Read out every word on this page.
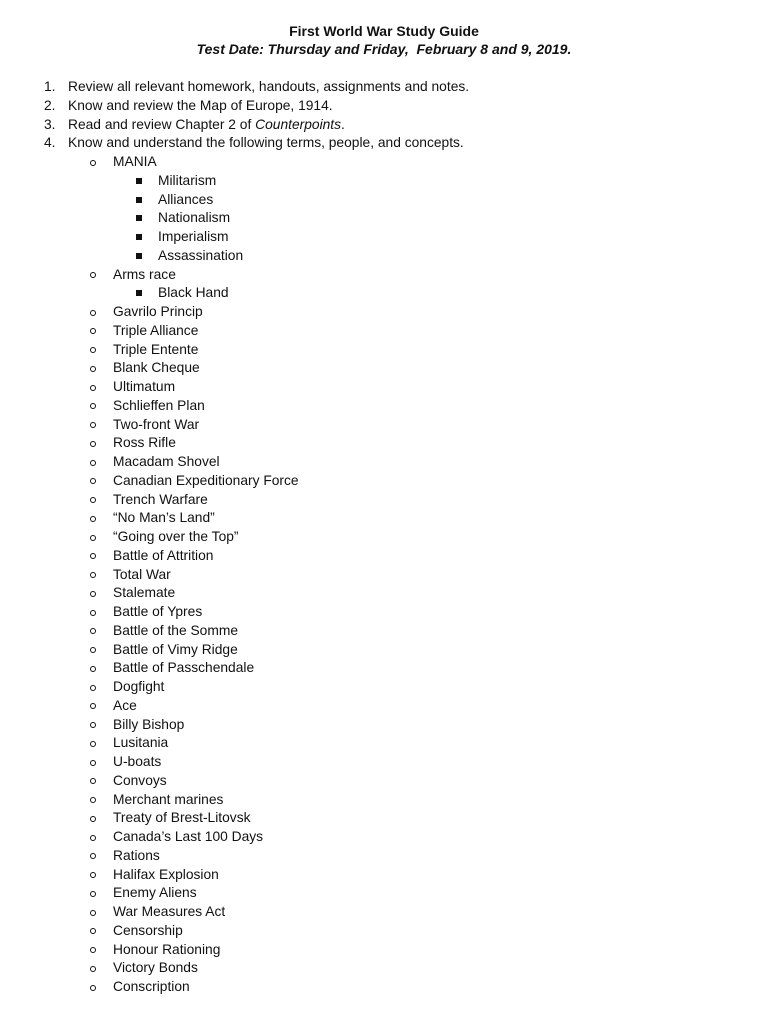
First World War Study Guide
Test Date: Thursday and Friday,  February 8 and 9, 2019.
1. Review all relevant homework, handouts, assignments and notes.
2. Know and review the Map of Europe, 1914.
3. Read and review Chapter 2 of Counterpoints.
4. Know and understand the following terms, people, and concepts.
MANIA
Militarism
Alliances
Nationalism
Imperialism
Assassination
Arms race
Black Hand
Gavrilo Princip
Triple Alliance
Triple Entente
Blank Cheque
Ultimatum
Schlieffen Plan
Two-front War
Ross Rifle
Macadam Shovel
Canadian Expeditionary Force
Trench Warfare
“No Man’s Land”
“Going over the Top”
Battle of Attrition
Total War
Stalemate
Battle of Ypres
Battle of the Somme
Battle of Vimy Ridge
Battle of Passchendale
Dogfight
Ace
Billy Bishop
Lusitania
U-boats
Convoys
Merchant marines
Treaty of Brest-Litovsk
Canada’s Last 100 Days
Rations
Halifax Explosion
Enemy Aliens
War Measures Act
Censorship
Honour Rationing
Victory Bonds
Conscription
